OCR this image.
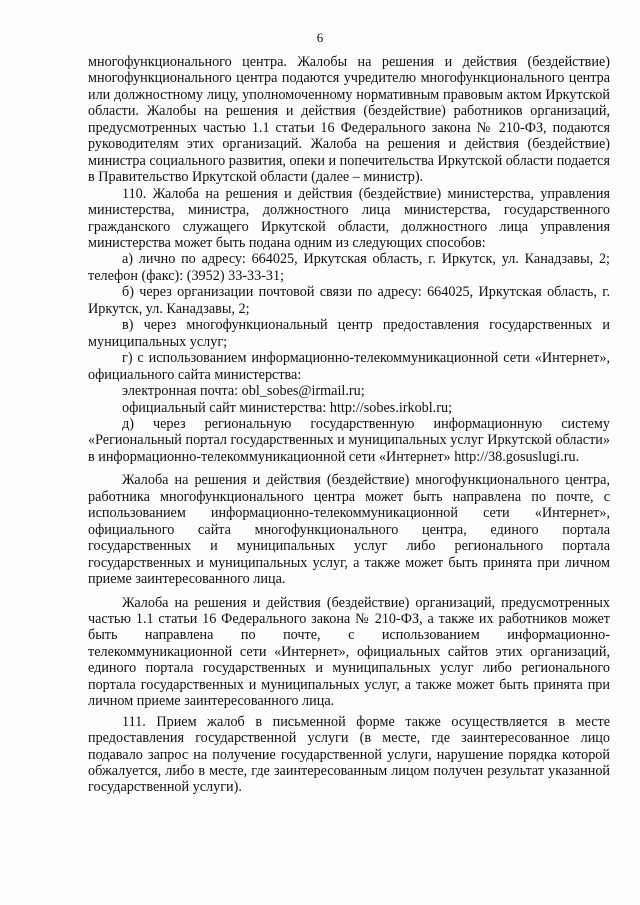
6

многофункционального центра. Жалобы на решения и действия (бездействие) многофункционального центра подаются учредителю многофункционального центра или должностному лицу, уполномоченному нормативным правовым актом Иркутской области. Жалобы на решения и действия (бездействие) работников организаций, предусмотренных частью 1.1 статьи 16 Федерального закона № 210-ФЗ, подаются руководителям этих организаций. Жалоба на решения и действия (бездействие) министра социального развития, опеки и попечительства Иркутской области подается в Правительство Иркутской области (далее – министр).

110. Жалоба на решения и действия (бездействие) министерства, управления министерства, министра, должностного лица министерства, государственного гражданского служащего Иркутской области, должностного лица управления министерства может быть подана одним из следующих способов:

а) лично по адресу: 664025, Иркутская область, г. Иркутск, ул. Канадзавы, 2; телефон (факс): (3952) 33-33-31;

б) через организации почтовой связи по адресу: 664025, Иркутская область, г. Иркутск, ул. Канадзавы, 2;

в) через многофункциональный центр предоставления государственных и муниципальных услуг;

г) с использованием информационно-телекоммуникационной сети «Интернет», официального сайта министерства:

электронная почта: obl_sobes@irmail.ru;

официальный сайт министерства: http://sobes.irkobl.ru;

д) через региональную государственную информационную систему «Региональный портал государственных и муниципальных услуг Иркутской области» в информационно-телекоммуникационной сети «Интернет» http://38.gosuslugi.ru.

Жалоба на решения и действия (бездействие) многофункционального центра, работника многофункционального центра может быть направлена по почте, с использованием информационно-телекоммуникационной сети «Интернет», официального сайта многофункционального центра, единого портала государственных и муниципальных услуг либо регионального портала государственных и муниципальных услуг, а также может быть принята при личном приеме заинтересованного лица.

Жалоба на решения и действия (бездействие) организаций, предусмотренных частью 1.1 статьи 16 Федерального закона № 210-ФЗ, а также их работников может быть направлена по почте, с использованием информационно-телекоммуникационной сети «Интернет», официальных сайтов этих организаций, единого портала государственных и муниципальных услуг либо регионального портала государственных и муниципальных услуг, а также может быть принята при личном приеме заинтересованного лица.

111. Прием жалоб в письменной форме также осуществляется в месте предоставления государственной услуги (в месте, где заинтересованное лицо подавало запрос на получение государственной услуги, нарушение порядка которой обжалуется, либо в месте, где заинтересованным лицом получен результат указанной государственной услуги).
